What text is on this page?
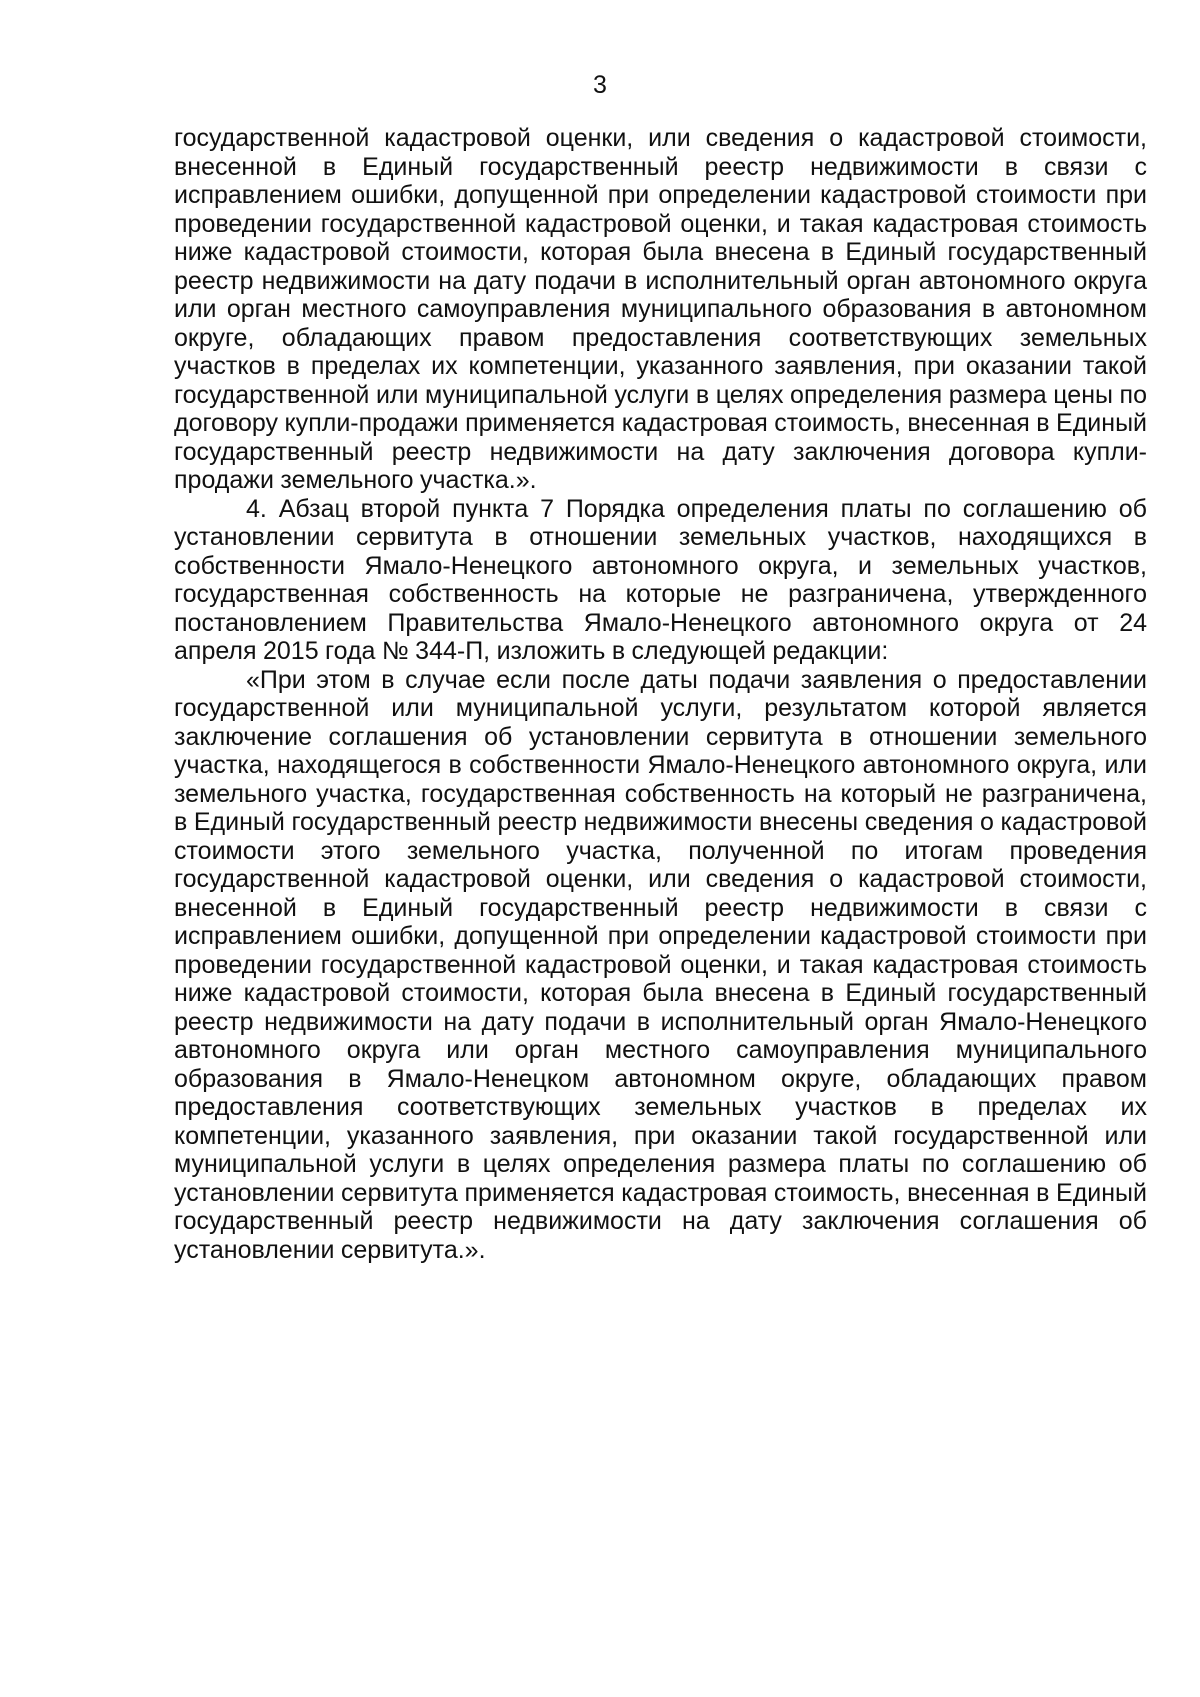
3

государственной кадастровой оценки, или сведения о кадастровой стоимости, внесенной в Единый государственный реестр недвижимости в связи с исправлением ошибки, допущенной при определении кадастровой стоимости при проведении государственной кадастровой оценки, и такая кадастровая стоимость ниже кадастровой стоимости, которая была внесена в Единый государственный реестр недвижимости на дату подачи в исполнительный орган автономного округа или орган местного самоуправления муниципального образования в автономном округе, обладающих правом предоставления соответствующих земельных участков в пределах их компетенции, указанного заявления, при оказании такой государственной или муниципальной услуги в целях определения размера цены по договору купли-продажи применяется кадастровая стоимость, внесенная в Единый государственный реестр недвижимости на дату заключения договора купли-продажи земельного участка.».

4. Абзац второй пункта 7 Порядка определения платы по соглашению об установлении сервитута в отношении земельных участков, находящихся в собственности Ямало-Ненецкого автономного округа, и земельных участков, государственная собственность на которые не разграничена, утвержденного постановлением Правительства Ямало-Ненецкого автономного округа от 24 апреля 2015 года № 344-П, изложить в следующей редакции:

«При этом в случае если после даты подачи заявления о предоставлении государственной или муниципальной услуги, результатом которой является заключение соглашения об установлении сервитута в отношении земельного участка, находящегося в собственности Ямало-Ненецкого автономного округа, или земельного участка, государственная собственность на который не разграничена, в Единый государственный реестр недвижимости внесены сведения о кадастровой стоимости этого земельного участка, полученной по итогам проведения государственной кадастровой оценки, или сведения о кадастровой стоимости, внесенной в Единый государственный реестр недвижимости в связи с исправлением ошибки, допущенной при определении кадастровой стоимости при проведении государственной кадастровой оценки, и такая кадастровая стоимость ниже кадастровой стоимости, которая была внесена в Единый государственный реестр недвижимости на дату подачи в исполнительный орган Ямало-Ненецкого автономного округа или орган местного самоуправления муниципального образования в Ямало-Ненецком автономном округе, обладающих правом предоставления соответствующих земельных участков в пределах их компетенции, указанного заявления, при оказании такой государственной или муниципальной услуги в целях определения размера платы по соглашению об установлении сервитута применяется кадастровая стоимость, внесенная в Единый государственный реестр недвижимости на дату заключения соглашения об установлении сервитута.».
